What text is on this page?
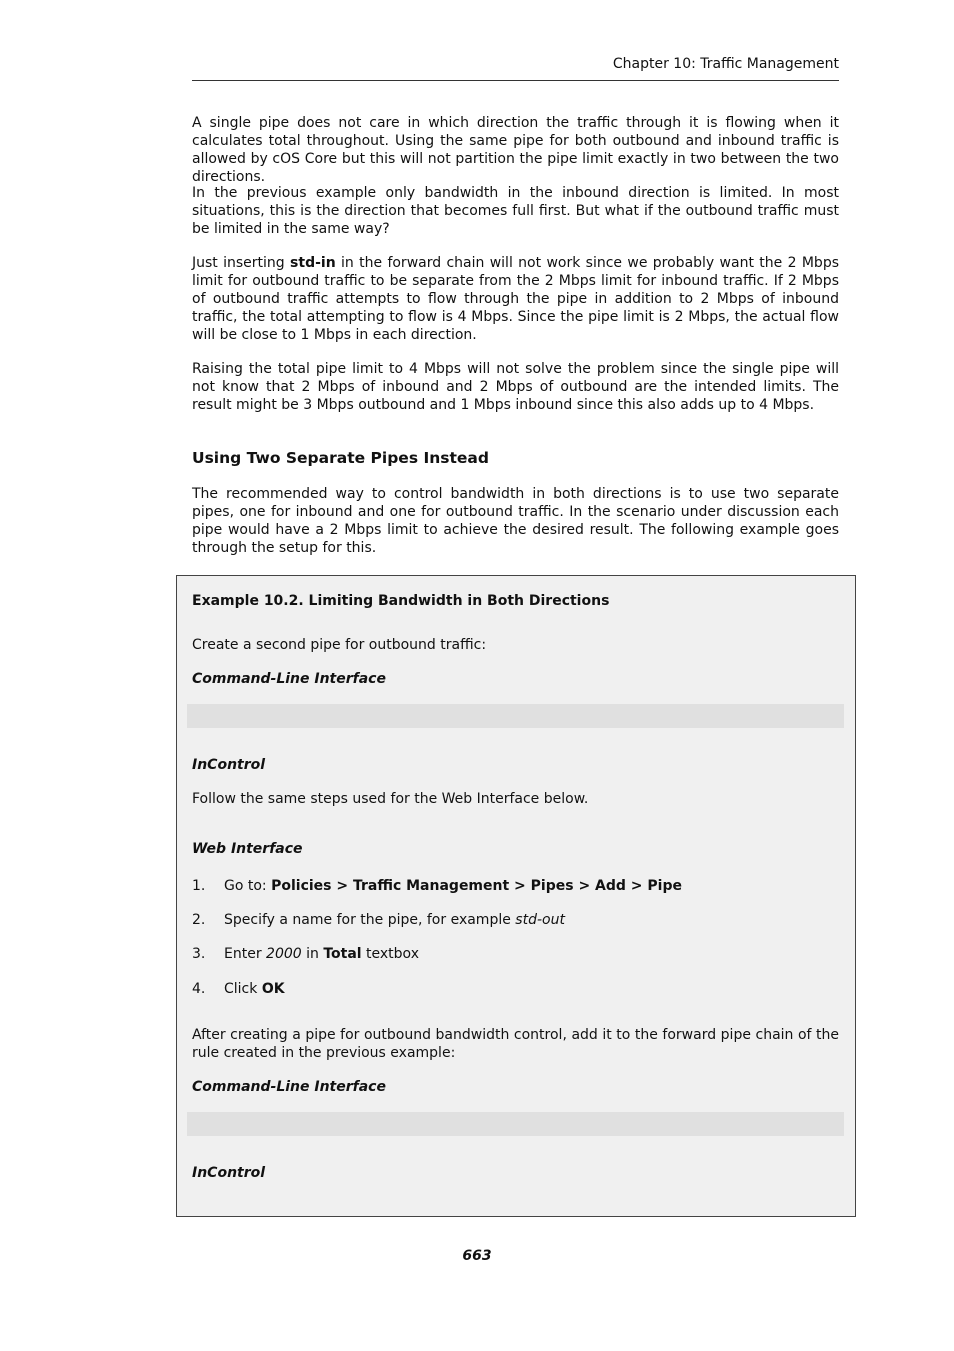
Chapter 10: Traffic Management

A single pipe does not care in which direction the traffic through it is flowing when it calculates total throughout. Using the same pipe for both outbound and inbound traffic is allowed by cOS Core but this will not partition the pipe limit exactly in two between the two directions.

In the previous example only bandwidth in the inbound direction is limited. In most situations, this is the direction that becomes full first. But what if the outbound traffic must be limited in the same way?

Just inserting std-in in the forward chain will not work since we probably want the 2 Mbps limit for outbound traffic to be separate from the 2 Mbps limit for inbound traffic. If 2 Mbps of outbound traffic attempts to flow through the pipe in addition to 2 Mbps of inbound traffic, the total attempting to flow is 4 Mbps. Since the pipe limit is 2 Mbps, the actual flow will be close to 1 Mbps in each direction.

Raising the total pipe limit to 4 Mbps will not solve the problem since the single pipe will not know that 2 Mbps of inbound and 2 Mbps of outbound are the intended limits. The result might be 3 Mbps outbound and 1 Mbps inbound since this also adds up to 4 Mbps.

Using Two Separate Pipes Instead

The recommended way to control bandwidth in both directions is to use two separate pipes, one for inbound and one for outbound traffic. In the scenario under discussion each pipe would have a 2 Mbps limit to achieve the desired result. The following example goes through the setup for this.

Example 10.2. Limiting Bandwidth in Both Directions

Create a second pipe for outbound traffic:

Command-Line Interface

InControl

Follow the same steps used for the Web Interface below.

Web Interface

1. Go to: Policies > Traffic Management > Pipes > Add > Pipe
2. Specify a name for the pipe, for example std-out
3. Enter 2000 in Total textbox
4. Click OK

After creating a pipe for outbound bandwidth control, add it to the forward pipe chain of the rule created in the previous example:

Command-Line Interface

InControl

663
